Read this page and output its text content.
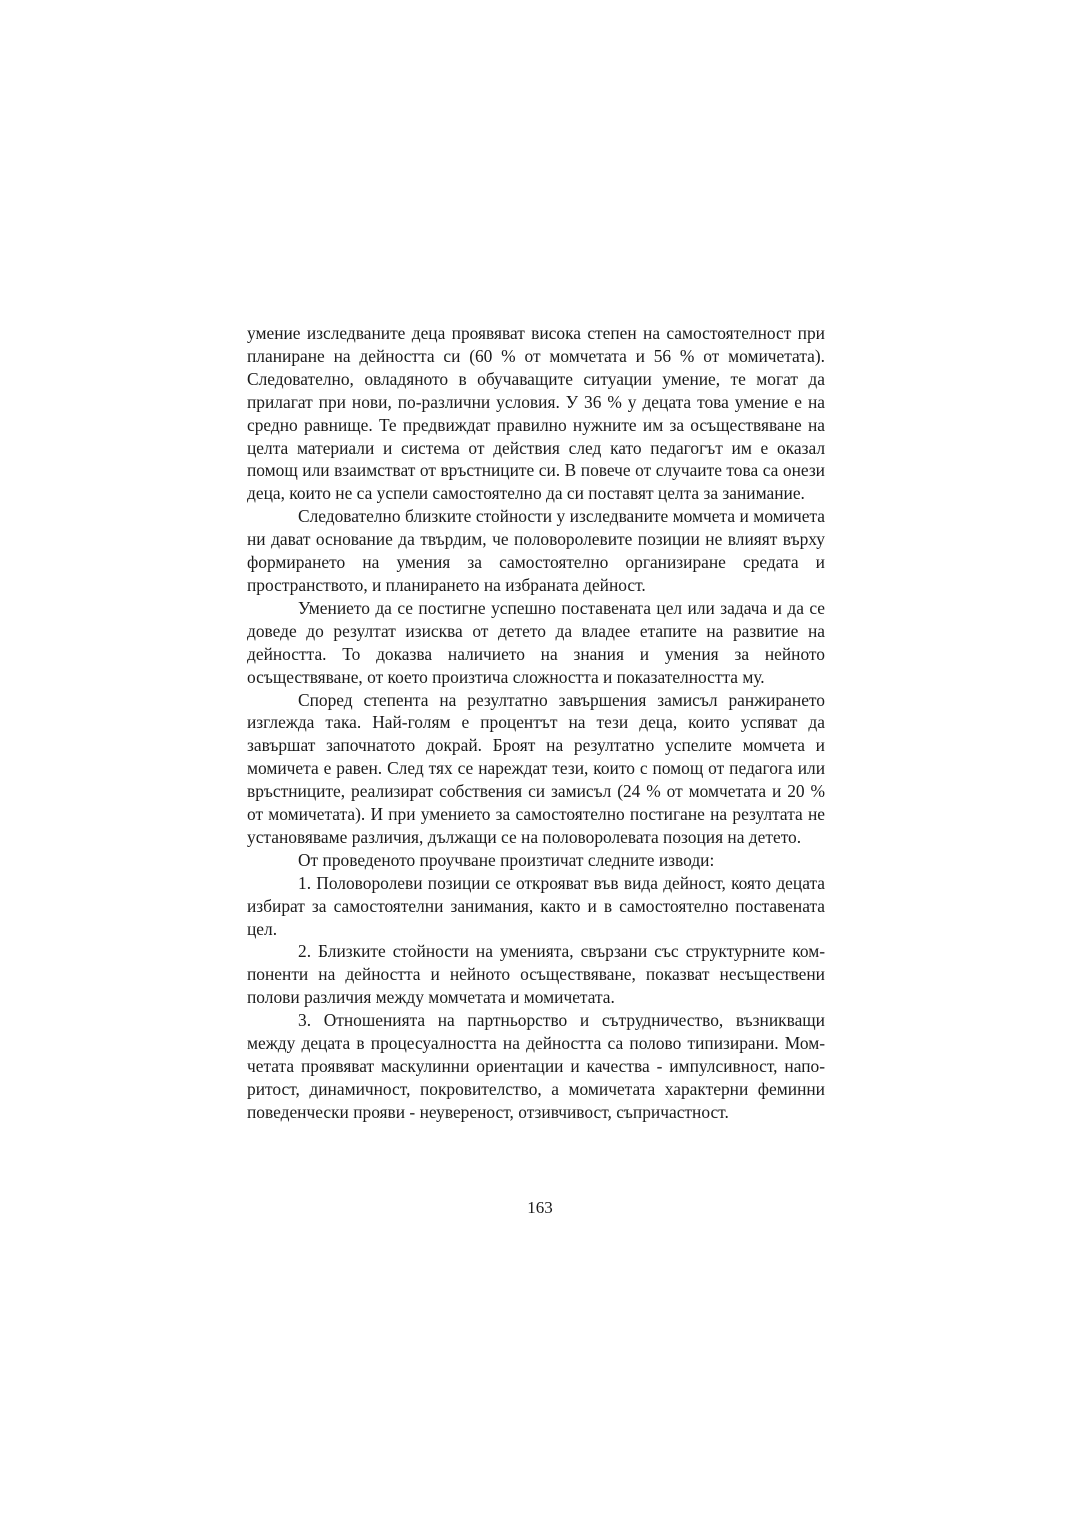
умение изследваните деца проявяват висока степен на самостоятелност при планиране на дейността си (60 % от момчетата и 56 % от момичетата). Следователно, овладяното в обучаващите ситуации умение, те могат да прилагат при нови, по-различни условия. У 36 % у децата това умение е на средно равнище. Те предвиждат правилно нужните им за осъществяване на целта материали и система от действия след като педагогът им е оказал помощ или взаимстват от връстниците си. В повече от случаите това са онези деца, които не са успели самостоятелно да си поставят целта за занимание.

Следователно близките стойности у изследваните момчета и момичета ни дават основание да твърдим, че половоролевите позиции не влияят върху формирането на умения за самостоятелно организиране средата и пространството, и планирането на избраната дейност.

Умението да се постигне успешно поставената цел или задача и да се доведе до резултат изисква от детето да владее етапите на развитие на дейността. То доказва наличието на знания и умения за нейното осъществяване, от което произтича сложността и показателността му.

Според степента на резултатно завършения замисъл ранжирането изглежда така. Най-голям е процентът на тези деца, които успяват да завършат започнатото докрай. Броят на резултатно успелите момчета и момичета е равен. След тях се нареждат тези, които с помощ от педагога или връстниците, реализират собствения си замисъл (24 % от момчетата и 20 % от момичетата). И при умението за самостоятелно постигане на резултата не установяваме различия, дължащи се на половоролевата позоция на детето.

От проведеното проучване произтичат следните изводи:

1. Половоролеви позиции се открояват във вида дейност, която децата избират за самостоятелни занимания, както и в самостоятелно поставената цел.

2. Близките стойности на уменията, свързани със структурните компоненти на дейността и нейното осъществяване, показват несъществени полови различия между момчетата и момичетата.

3. Отношенията на партньорство и сътрудничество, възникващи между децата в процесуалността на дейността са полово типизирани. Момчетата проявяват маскулинни ориентации и качества - импулсивност, напоритост, динамичност, покровителство, а момичетата характерни феминни поведенчески прояви - неувереност, отзивчивост, съпричастност.

163
